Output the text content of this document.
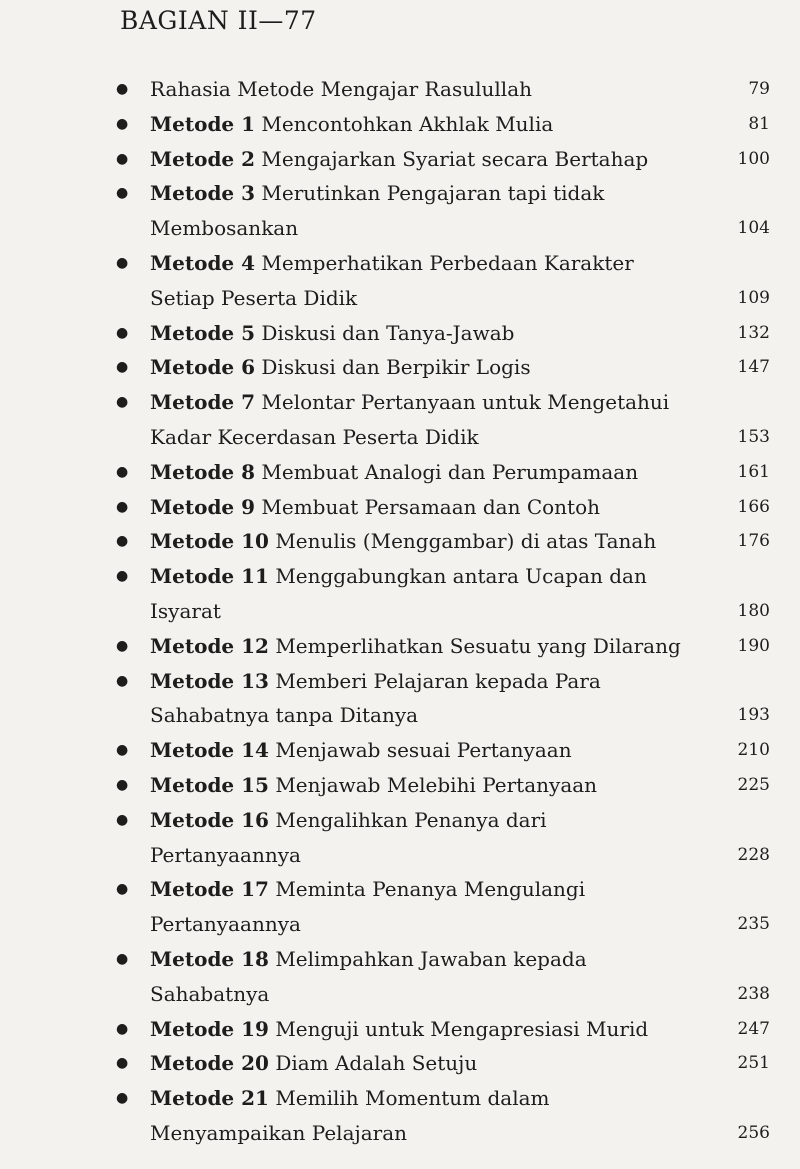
BAGIAN II—77
● Rahasia Metode Mengajar Rasulullah	79
● Metode 1 Mencontohkan Akhlak Mulia	81
● Metode 2 Mengajarkan Syariat secara Bertahap	100
● Metode 3 Merutinkan Pengajaran tapi tidak Membosankan	104
● Metode 4 Memperhatikan Perbedaan Karakter Setiap Peserta Didik	109
● Metode 5 Diskusi dan Tanya-Jawab	132
● Metode 6 Diskusi dan Berpikir Logis	147
● Metode 7 Melontar Pertanyaan untuk Mengetahui Kadar Kecerdasan Peserta Didik	153
● Metode 8 Membuat Analogi dan Perumpamaan	161
● Metode 9 Membuat Persamaan dan Contoh	166
● Metode 10 Menulis (Menggambar) di atas Tanah	176
● Metode 11 Menggabungkan antara Ucapan dan Isyarat	180
● Metode 12 Memperlihatkan Sesuatu yang Dilarang	190
● Metode 13 Memberi Pelajaran kepada Para Sahabatnya tanpa Ditanya	193
● Metode 14 Menjawab sesuai Pertanyaan	210
● Metode 15 Menjawab Melebihi Pertanyaan	225
● Metode 16 Mengalihkan Penanya dari Pertanyaannya	228
● Metode 17 Meminta Penanya Mengulangi Pertanyaannya	235
● Metode 18 Melimpahkan Jawaban kepada Sahabatnya	238
● Metode 19 Menguji untuk Mengapresiasi Murid	247
● Metode 20 Diam Adalah Setuju	251
● Metode 21 Memilih Momentum dalam Menyampaikan Pelajaran	256
